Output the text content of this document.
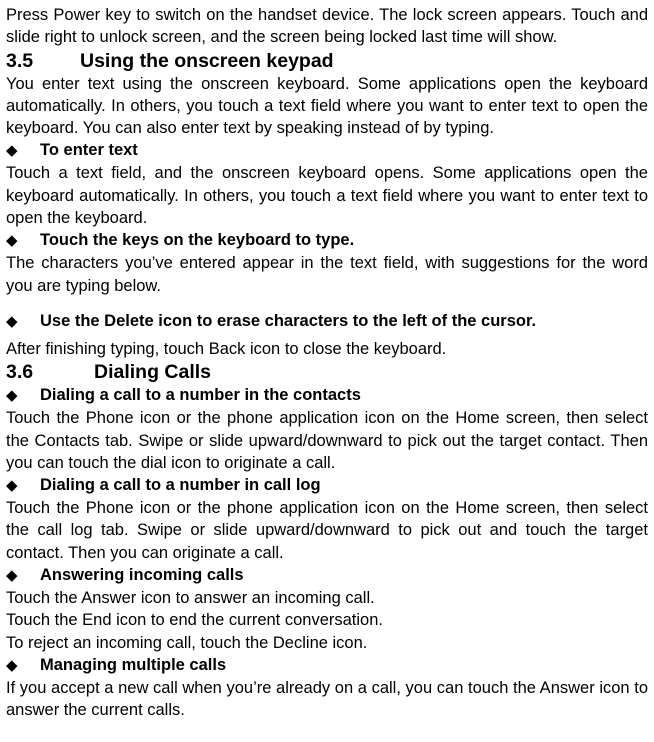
Press Power key to switch on the handset device. The lock screen appears. Touch and slide right to unlock screen, and the screen being locked last time will show.

3.5	Using the onscreen keypad

You enter text using the onscreen keyboard. Some applications open the keyboard automatically. In others, you touch a text field where you want to enter text to open the keyboard. You can also enter text by speaking instead of by typing.

◆	To enter text

Touch a text field, and the onscreen keyboard opens. Some applications open the keyboard automatically. In others, you touch a text field where you want to enter text to open the keyboard.

◆	Touch the keys on the keyboard to type.

The characters you’ve entered appear in the text field, with suggestions for the word you are typing below.

◆	Use the Delete icon to erase characters to the left of the cursor.

After finishing typing, touch Back icon to close the keyboard.

3.6	Dialing Calls
◆	Dialing a call to a number in the contacts

Touch the Phone icon or the phone application icon on the Home screen, then select the Contacts tab. Swipe or slide upward/downward to pick out the target contact. Then you can touch the dial icon to originate a call.

◆	Dialing a call to a number in call log

Touch the Phone icon or the phone application icon on the Home screen, then select the call log tab. Swipe or slide upward/downward to pick out and touch the target contact. Then you can originate a call.

◆	Answering incoming calls

Touch the Answer icon to answer an incoming call.

Touch the End icon to end the current conversation.

To reject an incoming call, touch the Decline icon.

◆	Managing multiple calls

If you accept a new call when you’re already on a call, you can touch the Answer icon to answer the current calls.
